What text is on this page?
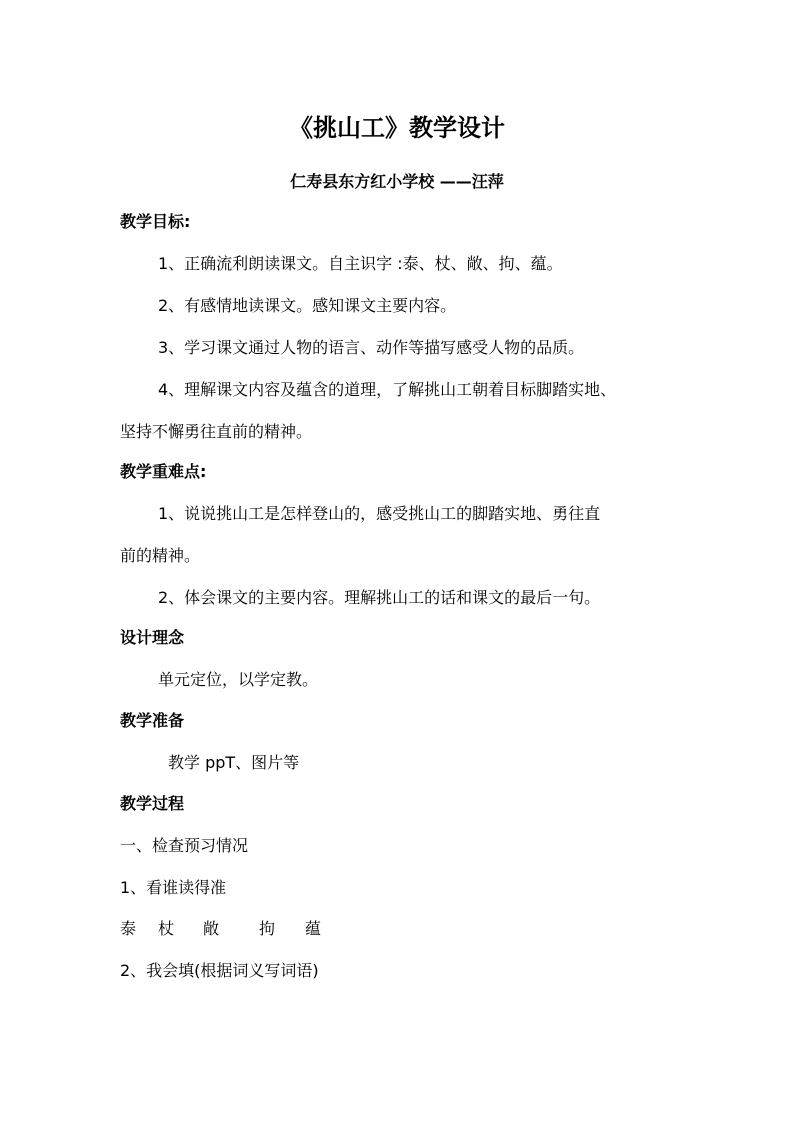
《挑山工》教学设计
仁寿县东方红小学校 ——汪萍
教学目标:
1、正确流利朗读课文。自主识字 :泰、杖、敞、拘、蕴。
2、有感情地读课文。感知课文主要内容。
3、学习课文通过人物的语言、动作等描写感受人物的品质。
4、理解课文内容及蕴含的道理，了解挑山工朝着目标脚踏实地、
坚持不懈勇往直前的精神。
教学重难点:
1、说说挑山工是怎样登山的，感受挑山工的脚踏实地、勇往直
前的精神。
2、体会课文的主要内容。理解挑山工的话和课文的最后一句。
设计理念
单元定位，以学定教。
教学准备
教学 ppT、图片等
教学过程
一、检查预习情况
1、看谁读得准
泰 杖 敞 拘 蕴
2、我会填(根据词义写词语)
